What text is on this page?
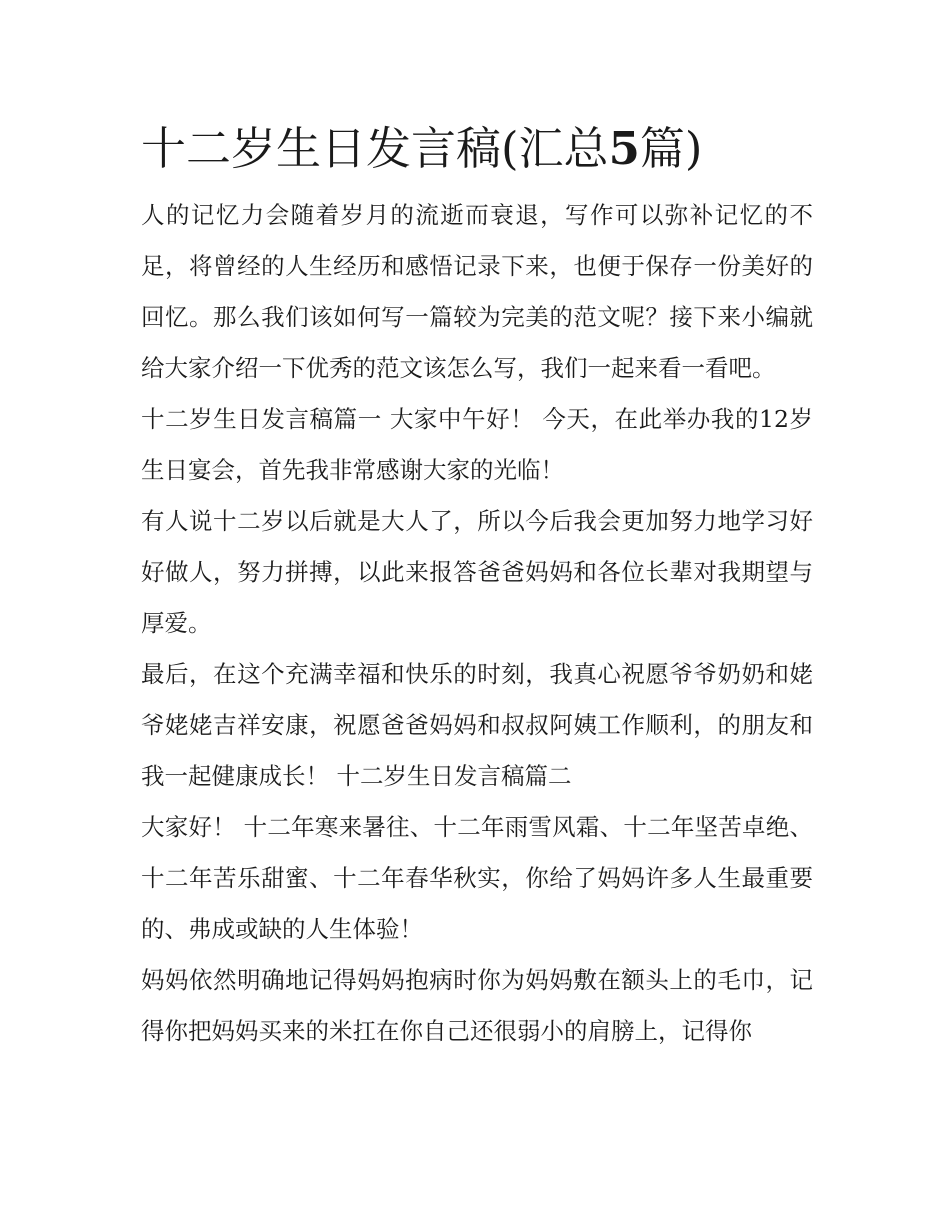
十二岁生日发言稿(汇总5篇)

人的记忆力会随着岁月的流逝而衰退，写作可以弥补记忆的不足，将曾经的人生经历和感悟记录下来，也便于保存一份美好的回忆。那么我们该如何写一篇较为完美的范文呢？接下来小编就给大家介绍一下优秀的范文该怎么写，我们一起来看一看吧。

十二岁生日发言稿篇一 大家中午好！ 今天，在此举办我的12岁生日宴会，首先我非常感谢大家的光临！

有人说十二岁以后就是大人了，所以今后我会更加努力地学习好好做人，努力拼搏，以此来报答爸爸妈妈和各位长辈对我期望与厚爱。

最后，在这个充满幸福和快乐的时刻，我真心祝愿爷爷奶奶和姥爷姥姥吉祥安康，祝愿爸爸妈妈和叔叔阿姨工作顺利，的朋友和我一起健康成长！ 十二岁生日发言稿篇二

大家好！ 十二年寒来暑往、十二年雨雪风霜、十二年坚苦卓绝、十二年苦乐甜蜜、十二年春华秋实，你给了妈妈许多人生最重要的、弗成或缺的人生体验！

妈妈依然明确地记得妈妈抱病时你为妈妈敷在额头上的毛巾，记得你把妈妈买来的米扛在你自己还很弱小的肩膀上，记得你
